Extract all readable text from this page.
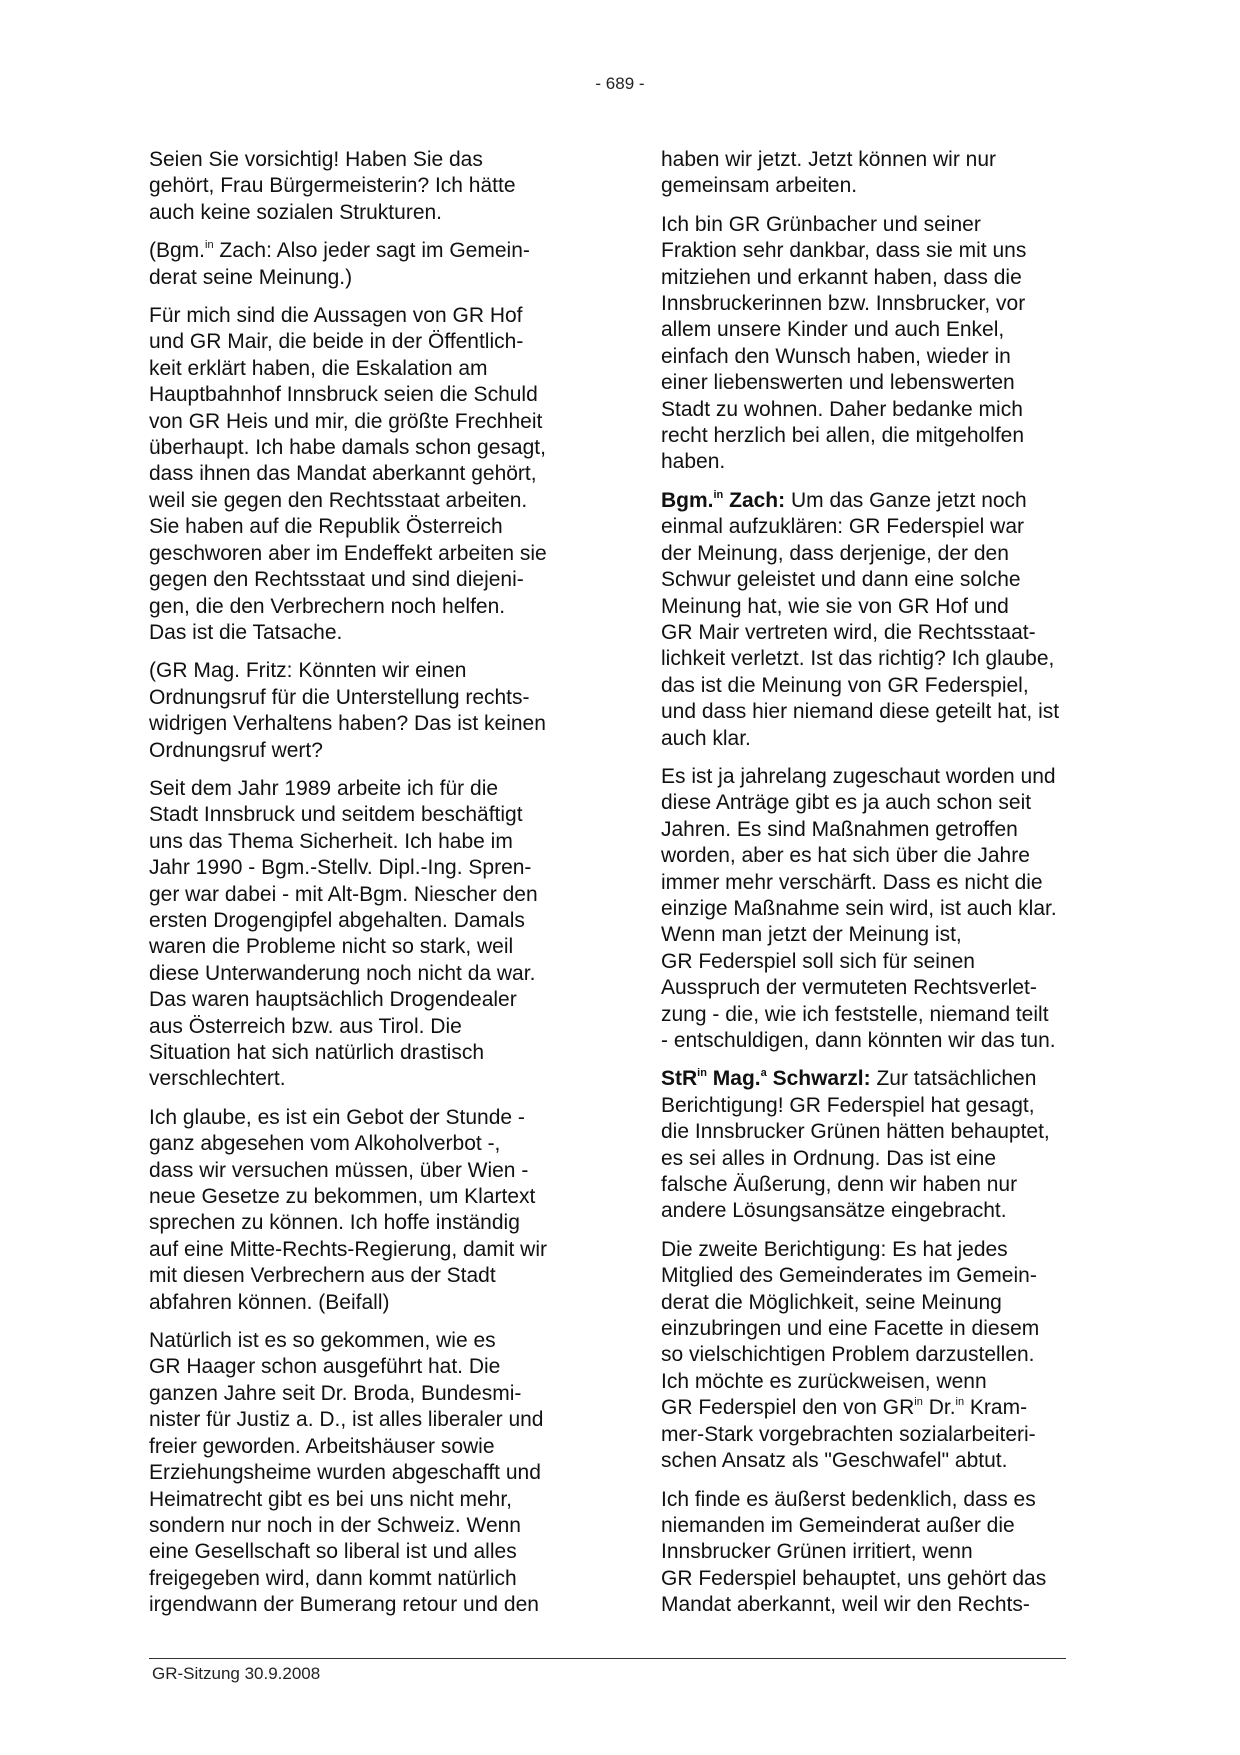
- 689 -

Seien Sie vorsichtig! Haben Sie das
gehört, Frau Bürgermeisterin? Ich hätte
auch keine sozialen Strukturen.

(Bgm.$^{in}$ Zach: Also jeder sagt im Gemein-
derat seine Meinung.)

Für mich sind die Aussagen von GR Hof
und GR Mair, die beide in der Öffentlich-
keit erklärt haben, die Eskalation am
Hauptbahnhof Innsbruck seien die Schuld
von GR Heis und mir, die größte Frechheit
überhaupt. Ich habe damals schon gesagt,
dass ihnen das Mandat aberkannt gehört,
weil sie gegen den Rechtsstaat arbeiten.
Sie haben auf die Republik Österreich
geschworen aber im Endeffekt arbeiten sie
gegen den Rechtsstaat und sind diejeni-
gen, die den Verbrechern noch helfen.
Das ist die Tatsache.

(GR Mag. Fritz: Könnten wir einen
Ordnungsruf für die Unterstellung rechts-
widrigen Verhaltens haben? Das ist keinen
Ordnungsruf wert?

Seit dem Jahr 1989 arbeite ich für die
Stadt Innsbruck und seitdem beschäftigt
uns das Thema Sicherheit. Ich habe im
Jahr 1990 - Bgm.-Stellv. Dipl.-Ing. Spren-
ger war dabei - mit Alt-Bgm. Niescher den
ersten Drogengipfel abgehalten. Damals
waren die Probleme nicht so stark, weil
diese Unterwanderung noch nicht da war.
Das waren hauptsächlich Drogendealer
aus Österreich bzw. aus Tirol. Die
Situation hat sich natürlich drastisch
verschlechtert.

Ich glaube, es ist ein Gebot der Stunde -
ganz abgesehen vom Alkoholverbot -,
dass wir versuchen müssen, über Wien -
neue Gesetze zu bekommen, um Klartext
sprechen zu können. Ich hoffe inständig
auf eine Mitte-Rechts-Regierung, damit wir
mit diesen Verbrechern aus der Stadt
abfahren können. (Beifall)

Natürlich ist es so gekommen, wie es
GR Haager schon ausgeführt hat. Die
ganzen Jahre seit Dr. Broda, Bundesmi-
nister für Justiz a. D., ist alles liberaler und
freier geworden. Arbeitshäuser sowie
Erziehungsheime wurden abgeschafft und
Heimatrecht gibt es bei uns nicht mehr,
sondern nur noch in der Schweiz. Wenn
eine Gesellschaft so liberal ist und alles
freigegeben wird, dann kommt natürlich
irgendwann der Bumerang retour und den

haben wir jetzt. Jetzt können wir nur
gemeinsam arbeiten.

Ich bin GR Grünbacher und seiner
Fraktion sehr dankbar, dass sie mit uns
mitziehen und erkannt haben, dass die
Innsbruckerinnen bzw. Innsbrucker, vor
allem unsere Kinder und auch Enkel,
einfach den Wunsch haben, wieder in
einer liebenswerten und lebenswerten
Stadt zu wohnen. Daher bedanke mich
recht herzlich bei allen, die mitgeholfen
haben.

Bgm.$^{in}$ Zach: Um das Ganze jetzt noch
einmal aufzuklären: GR Federspiel war
der Meinung, dass derjenige, der den
Schwur geleistet und dann eine solche
Meinung hat, wie sie von GR Hof und
GR Mair vertreten wird, die Rechtsstaat-
lichkeit verletzt. Ist das richtig? Ich glaube,
das ist die Meinung von GR Federspiel,
und dass hier niemand diese geteilt hat, ist
auch klar.

Es ist ja jahrelang zugeschaut worden und
diese Anträge gibt es ja auch schon seit
Jahren. Es sind Maßnahmen getroffen
worden, aber es hat sich über die Jahre
immer mehr verschärft. Dass es nicht die
einzige Maßnahme sein wird, ist auch klar.
Wenn man jetzt der Meinung ist,
GR Federspiel soll sich für seinen
Ausspruch der vermuteten Rechtsverlet-
zung - die, wie ich feststelle, niemand teilt
- entschuldigen, dann könnten wir das tun.

StR$^{in}$ Mag.$^a$ Schwarzl: Zur tatsächlichen
Berichtigung! GR Federspiel hat gesagt,
die Innsbrucker Grünen hätten behauptet,
es sei alles in Ordnung. Das ist eine
falsche Äußerung, denn wir haben nur
andere Lösungsansätze eingebracht.

Die zweite Berichtigung: Es hat jedes
Mitglied des Gemeinderates im Gemein-
derat die Möglichkeit, seine Meinung
einzubringen und eine Facette in diesem
so vielschichtigen Problem darzustellen.
Ich möchte es zurückweisen, wenn
GR Federspiel den von $GR^{in}$ Dr.$^{in}$ Kram-
mer-Stark vorgebrachten sozialarbeiteri-
schen Ansatz als "Geschwafel" abtut.

Ich finde es äußerst bedenklich, dass es
niemanden im Gemeinderat außer die
Innsbrucker Grünen irritiert, wenn
GR Federspiel behauptet, uns gehört das
Mandat aberkannt, weil wir den Rechts-

GR-Sitzung 30.9.2008
